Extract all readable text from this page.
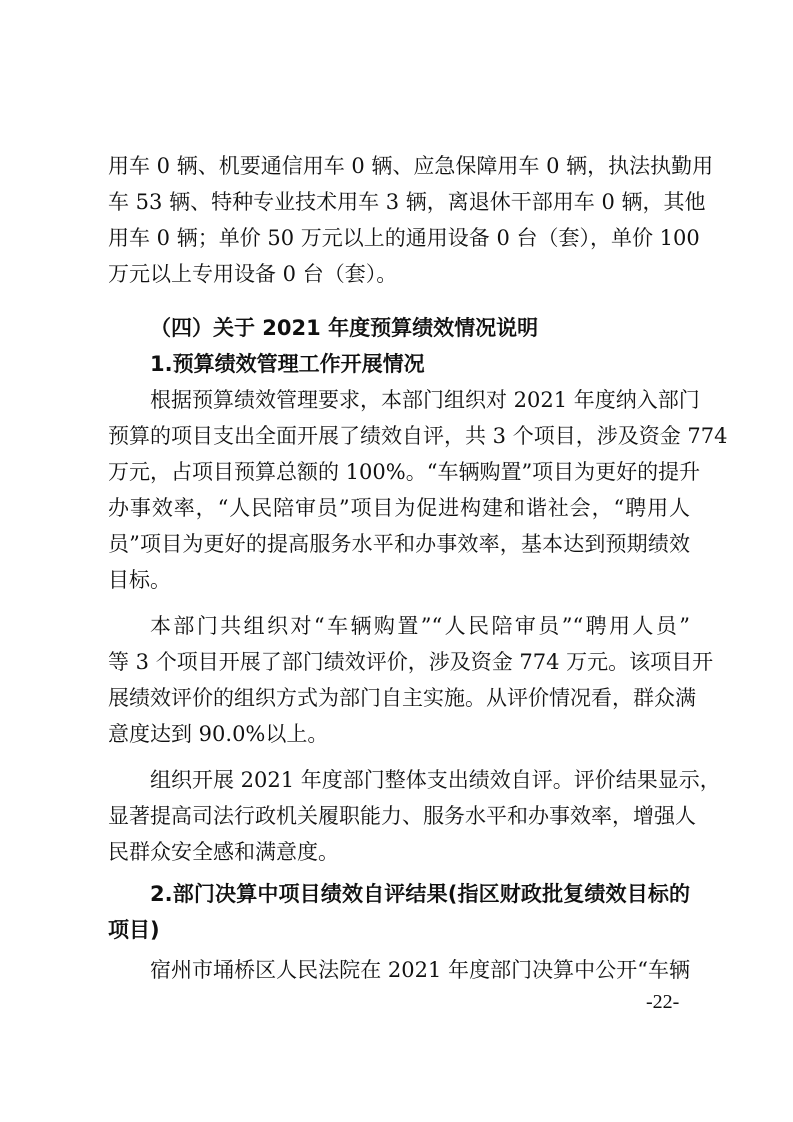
用车 0 辆、机要通信用车 0 辆、应急保障用车 0 辆，执法执勤用
车 53 辆、特种专业技术用车 3 辆，离退休干部用车 0 辆，其他
用车 0 辆；单价 50 万元以上的通用设备 0 台（套），单价 100
万元以上专用设备 0 台（套）。
（四）关于 2021 年度预算绩效情况说明
1.预算绩效管理工作开展情况
根据预算绩效管理要求，本部门组织对 2021 年度纳入部门
预算的项目支出全面开展了绩效自评，共 3 个项目，涉及资金 774
万元，占项目预算总额的 100%。“车辆购置”项目为更好的提升
办事效率，“人民陪审员”项目为促进构建和谐社会，“聘用人
员”项目为更好的提高服务水平和办事效率，基本达到预期绩效
目标。
本部门共组织对“车辆购置”“人民陪审员”“聘用人员”
等 3 个项目开展了部门绩效评价，涉及资金 774 万元。该项目开
展绩效评价的组织方式为部门自主实施。从评价情况看，群众满
意度达到 90.0%以上。
组织开展 2021 年度部门整体支出绩效自评。评价结果显示，
显著提高司法行政机关履职能力、服务水平和办事效率，增强人
民群众安全感和满意度。
2.部门决算中项目绩效自评结果(指区财政批复绩效目标的
项目)
宿州市埇桥区人民法院在 2021 年度部门决算中公开“车辆
-22-
